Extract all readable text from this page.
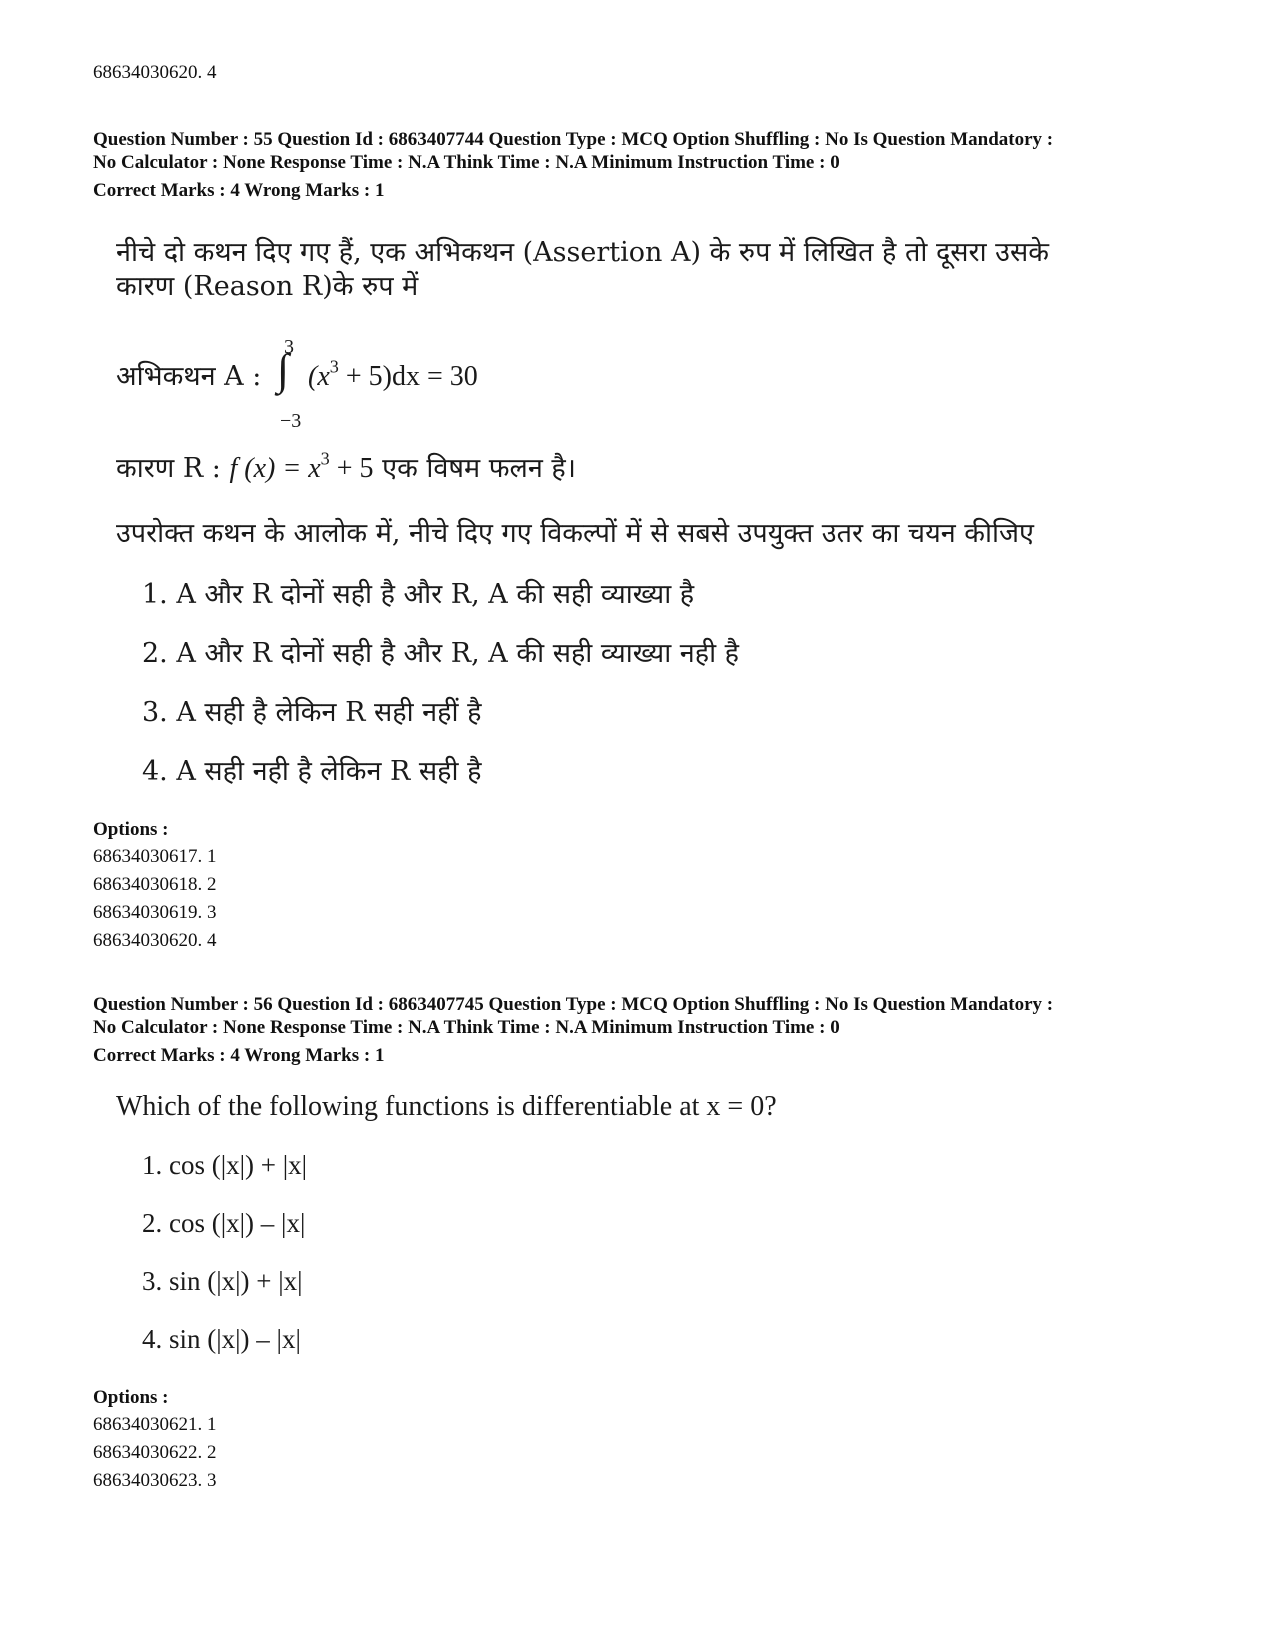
68634030620. 4
Question Number : 55 Question Id : 6863407744 Question Type : MCQ Option Shuffling : No Is Question Mandatory :
No Calculator : None Response Time : N.A Think Time : N.A Minimum Instruction Time : 0
Correct Marks : 4 Wrong Marks : 1
नीचे दो कथन दिए गए हैं, एक अभिकथन (Assertion A) के रुप में लिखित है तो दूसरा उसके
कारण (Reason R)के रुप में
अभिकथन A :
3
∫
−3
$(x^3 + 5)dx = 30$
कारण R : f $(x) = x^3 + 5$ एक विषम फलन है।
उपरोक्त कथन के आलोक में, नीचे दिए गए विकल्पों में से सबसे उपयुक्त उतर का चयन कीजिए
1. A और R दोनों सही है और R, A की सही व्याख्या है
2. A और R दोनों सही है और R, A की सही व्याख्या नही है
3. A सही है लेकिन R सही नहीं है
4. A सही नही है लेकिन R सही है
Options :
68634030617. 1
68634030618. 2
68634030619. 3
68634030620. 4
Question Number : 56 Question Id : 6863407745 Question Type : MCQ Option Shuffling : No Is Question Mandatory :
No Calculator : None Response Time : N.A Think Time : N.A Minimum Instruction Time : 0
Correct Marks : 4 Wrong Marks : 1
Which of the following functions is differentiable at x = 0?
1. cos (|x|) + |x|
2. cos (|x|) – |x|
3. sin (|x|) + |x|
4. sin (|x|) – |x|
Options :
68634030621. 1
68634030622. 2
68634030623. 3
